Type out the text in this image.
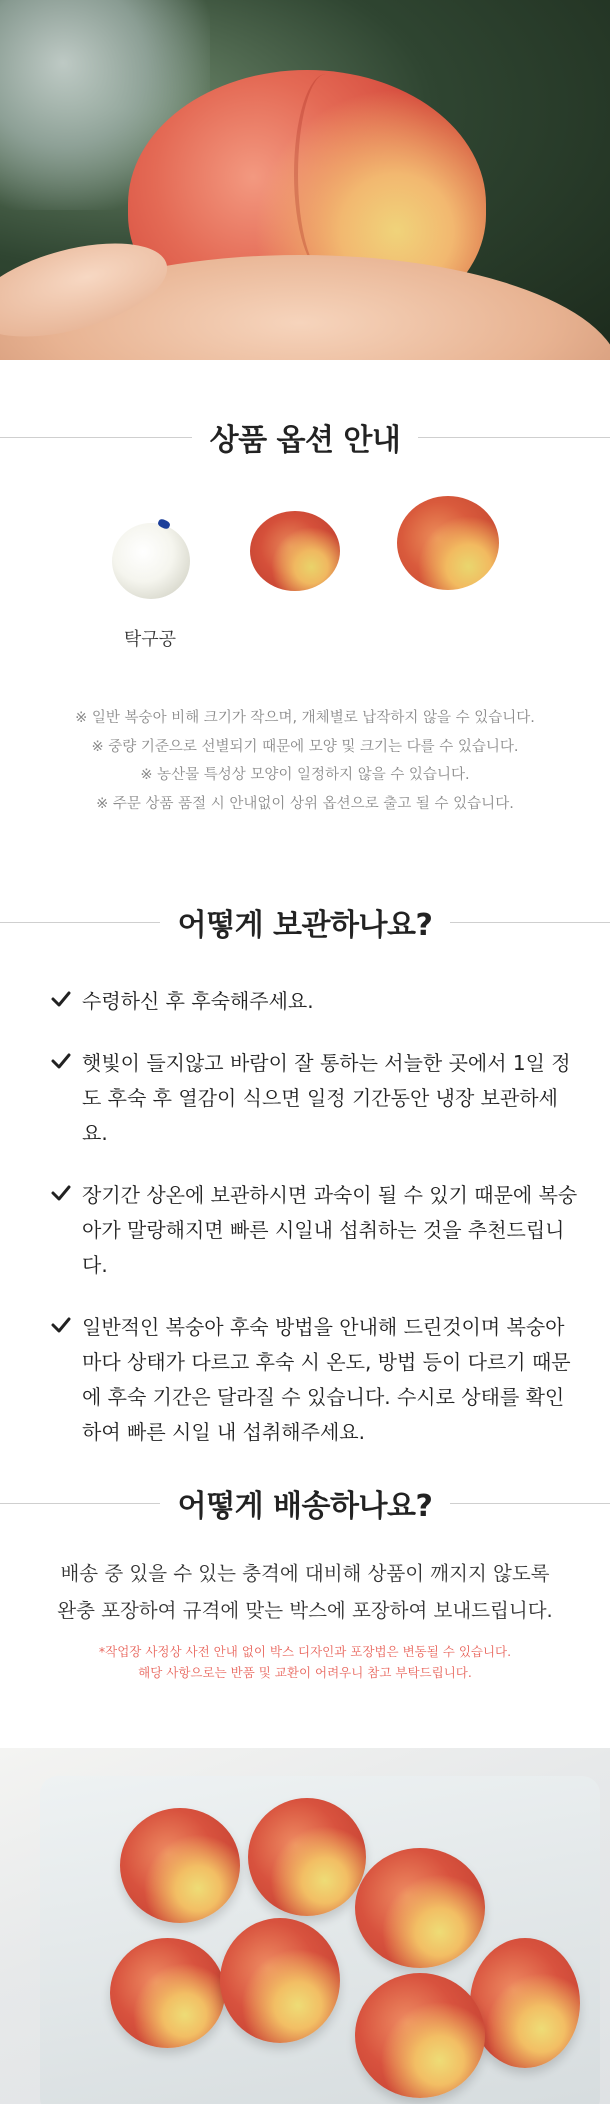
상품 옵션 안내
탁구공
※ 일반 복숭아 비해 크기가 작으며, 개체별로 납작하지 않을 수 있습니다.
※ 중량 기준으로 선별되기 때문에 모양 및 크기는 다를 수 있습니다.
※ 농산물 특성상 모양이 일정하지 않을 수 있습니다.
※ 주문 상품 품절 시 안내없이 상위 옵션으로 출고 될 수 있습니다.
어떻게 보관하나요?
수령하신 후 후숙해주세요.
햇빛이 들지않고 바람이 잘 통하는 서늘한 곳에서 1일 정도 후숙 후 열감이 식으면 일정 기간동안 냉장 보관하세요.
장기간 상온에 보관하시면 과숙이 될 수 있기 때문에 복숭아가 말랑해지면 빠른 시일내 섭취하는 것을 추천드립니다.
일반적인 복숭아 후숙 방법을 안내해 드린것이며 복숭아 마다 상태가 다르고 후숙 시 온도, 방법 등이 다르기 때문에 후숙 기간은 달라질 수 있습니다. 수시로 상태를 확인하여 빠른 시일 내 섭취해주세요.
어떻게 배송하나요?
배송 중 있을 수 있는 충격에 대비해 상품이 깨지지 않도록
완충 포장하여 규격에 맞는 박스에 포장하여 보내드립니다.
*작업장 사정상 사전 안내 없이 박스 디자인과 포장법은 변동될 수 있습니다.
해당 사항으로는 반품 및 교환이 어려우니 참고 부탁드립니다.
